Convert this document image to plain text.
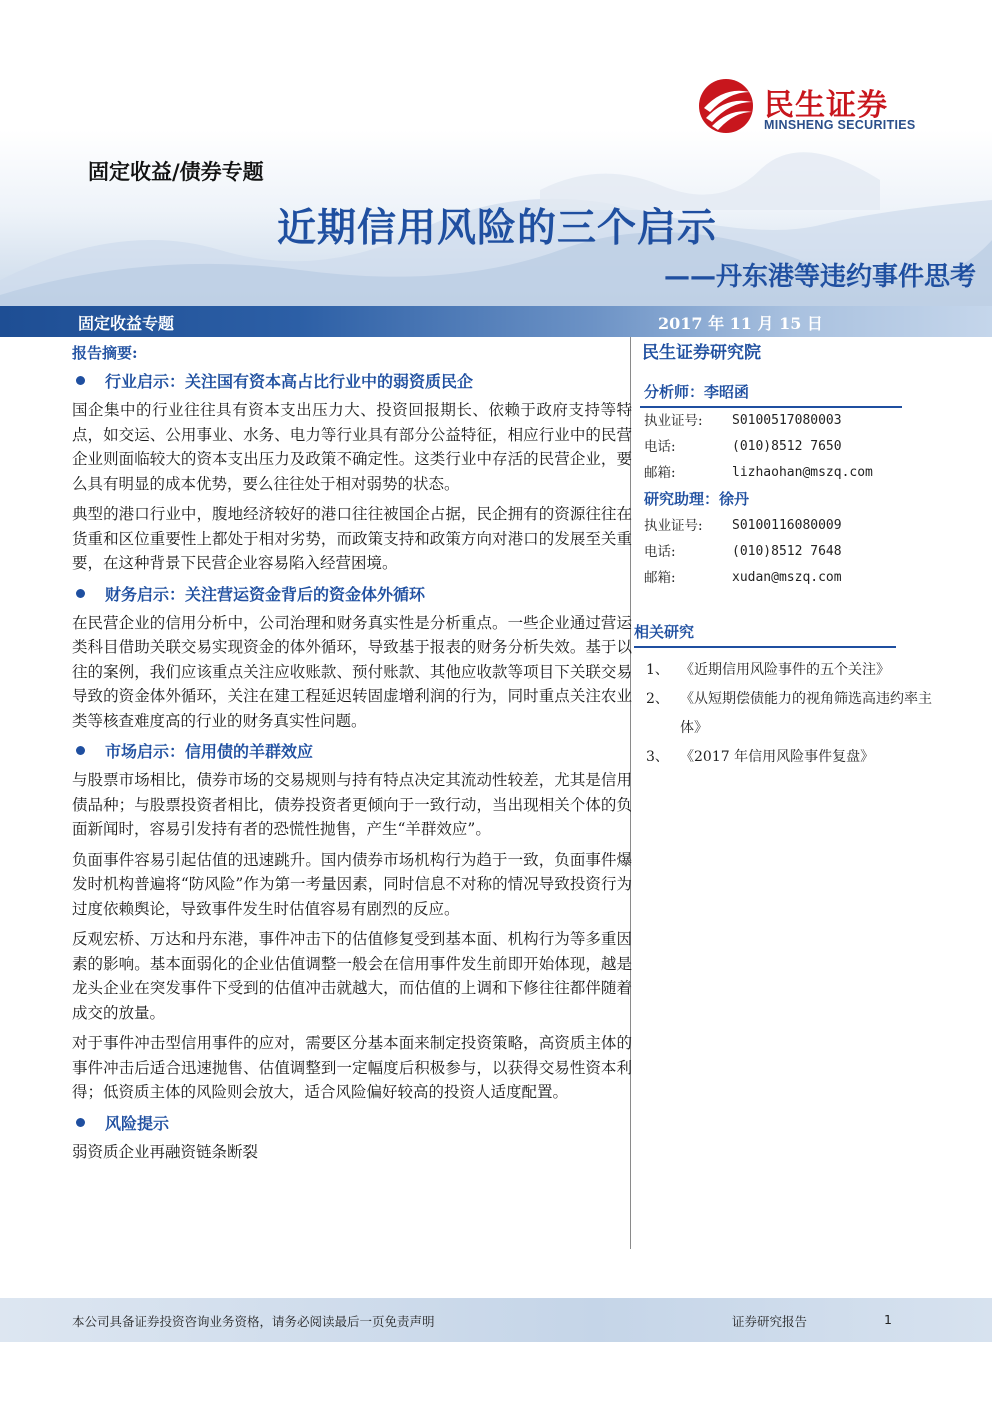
民生证券
MINSHENG SECURITIES
固定收益/债券专题
近期信用风险的三个启示
——丹东港等违约事件思考
固定收益专题	2017 年 11 月 15 日
报告摘要:
行业启示：关注国有资本高占比行业中的弱资质民企

国企集中的行业往往具有资本支出压力大、投资回报期长、依赖于政府支持等特点，如交运、公用事业、水务、电力等行业具有部分公益特征，相应行业中的民营企业则面临较大的资本支出压力及政策不确定性。这类行业中存活的民营企业，要么具有明显的成本优势，要么往往处于相对弱势的状态。

典型的港口行业中，腹地经济较好的港口往往被国企占据，民企拥有的资源往往在货重和区位重要性上都处于相对劣势，而政策支持和政策方向对港口的发展至关重要，在这种背景下民营企业容易陷入经营困境。

财务启示：关注营运资金背后的资金体外循环

在民营企业的信用分析中，公司治理和财务真实性是分析重点。一些企业通过营运类科目借助关联交易实现资金的体外循环，导致基于报表的财务分析失效。基于以往的案例，我们应该重点关注应收账款、预付账款、其他应收款等项目下关联交易导致的资金体外循环，关注在建工程延迟转固虚增利润的行为，同时重点关注农业类等核查难度高的行业的财务真实性问题。

市场启示：信用债的羊群效应

与股票市场相比，债券市场的交易规则与持有特点决定其流动性较差，尤其是信用债品种；与股票投资者相比，债券投资者更倾向于一致行动，当出现相关个体的负面新闻时，容易引发持有者的恐慌性抛售，产生“羊群效应”。

负面事件容易引起估值的迅速跳升。国内债券市场机构行为趋于一致，负面事件爆发时机构普遍将“防风险”作为第一考量因素，同时信息不对称的情况导致投资行为过度依赖舆论，导致事件发生时估值容易有剧烈的反应。

反观宏桥、万达和丹东港，事件冲击下的估值修复受到基本面、机构行为等多重因素的影响。基本面弱化的企业估值调整一般会在信用事件发生前即开始体现，越是龙头企业在突发事件下受到的估值冲击就越大，而估值的上调和下修往往都伴随着成交的放量。

对于事件冲击型信用事件的应对，需要区分基本面来制定投资策略，高资质主体的事件冲击后适合迅速抛售、估值调整到一定幅度后积极参与，以获得交易性资本利得；低资质主体的风险则会放大，适合风险偏好较高的投资人适度配置。

风险提示

弱资质企业再融资链条断裂

民生证券研究院
分析师：李昭函
执业证号:	S0100517080003
电话:	(010)8512 7650
邮箱:	lizhaohan@mszq.com
研究助理：徐丹
执业证号:	S0100116080009
电话:	(010)8512 7648
邮箱:	xudan@mszq.com
相关研究
1、 《近期信用风险事件的五个关注》
2、 《从短期偿债能力的视角筛选高违约率主体》
3、 《2017 年信用风险事件复盘》
本公司具备证券投资咨询业务资格，请务必阅读最后一页免责声明	证券研究报告	1
